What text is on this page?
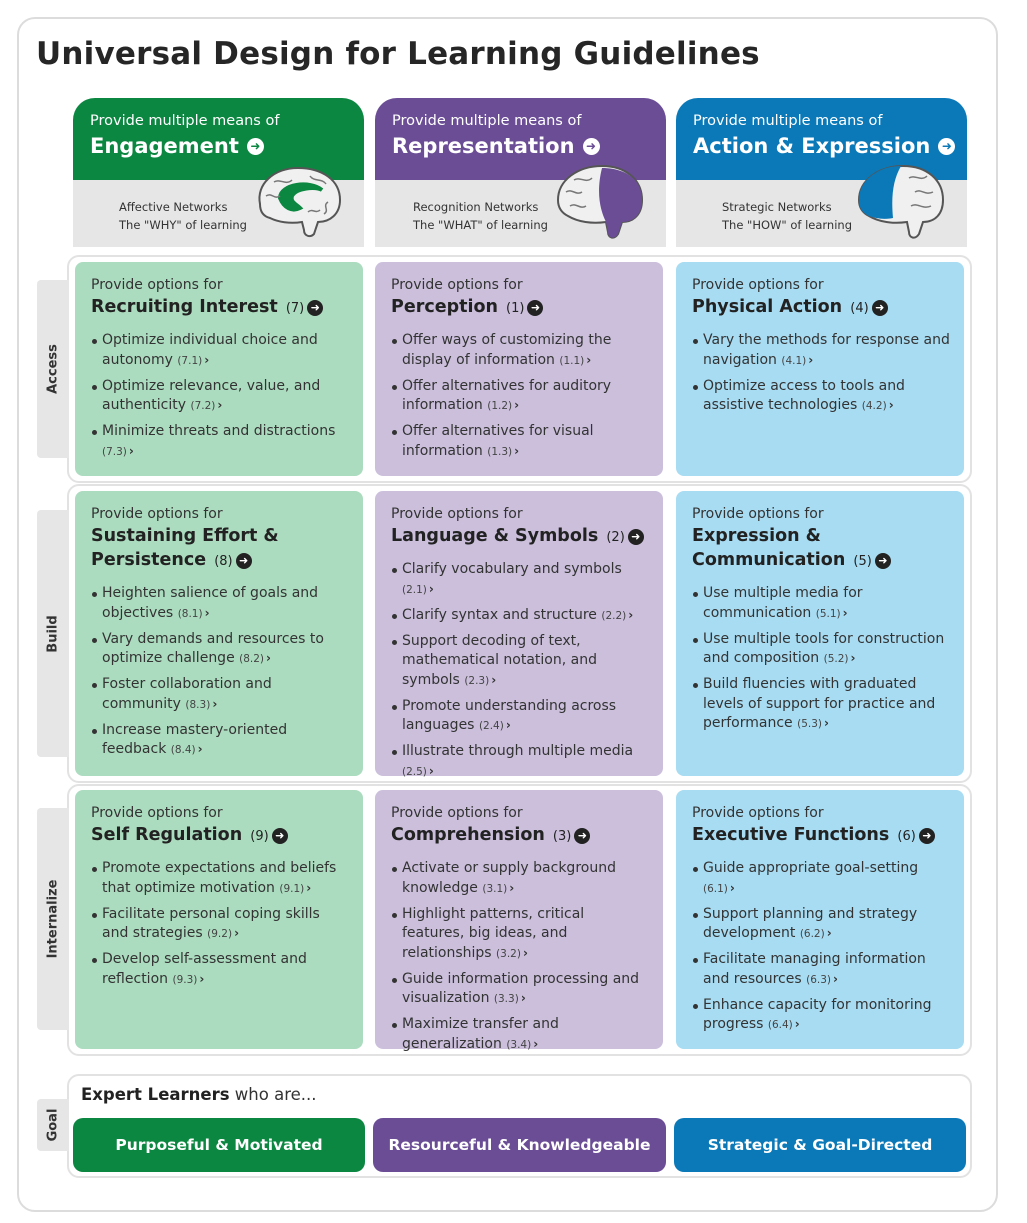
Universal Design for Learning Guidelines
Provide multiple means of
Engagement ➜
Affective Networks
The "WHY" of learning
Provide multiple means of
Representation ➜
Recognition Networks
The "WHAT" of learning
Provide multiple means of
Action & Expression ➜
Strategic Networks
The "HOW" of learning
Access
Build
Internalize
Provide options for
Recruiting Interest (7) ➜
Optimize individual choice and autonomy (7.1) ›
Optimize relevance, value, and authenticity (7.2) ›
Minimize threats and distractions (7.3) ›
Provide options for
Perception (1) ➜
Offer ways of customizing the display of information (1.1) ›
Offer alternatives for auditory information (1.2) ›
Offer alternatives for visual information (1.3) ›
Provide options for
Physical Action (4) ➜
Vary the methods for response and navigation (4.1) ›
Optimize access to tools and assistive technologies (4.2) ›
Provide options for
Sustaining Effort & Persistence (8) ➜
Heighten salience of goals and objectives (8.1) ›
Vary demands and resources to optimize challenge (8.2) ›
Foster collaboration and community (8.3) ›
Increase mastery-oriented feedback (8.4) ›
Provide options for
Language & Symbols (2) ➜
Clarify vocabulary and symbols (2.1) ›
Clarify syntax and structure (2.2) ›
Support decoding of text, mathematical notation, and symbols (2.3) ›
Promote understanding across languages (2.4) ›
Illustrate through multiple media (2.5) ›
Provide options for
Expression & Communication (5) ➜
Use multiple media for communication (5.1) ›
Use multiple tools for construction and composition (5.2) ›
Build fluencies with graduated levels of support for practice and performance (5.3) ›
Provide options for
Self Regulation (9) ➜
Promote expectations and beliefs that optimize motivation (9.1) ›
Facilitate personal coping skills and strategies (9.2) ›
Develop self-assessment and reflection (9.3) ›
Provide options for
Comprehension (3) ➜
Activate or supply background knowledge (3.1) ›
Highlight patterns, critical features, big ideas, and relationships (3.2) ›
Guide information processing and visualization (3.3) ›
Maximize transfer and generalization (3.4) ›
Provide options for
Executive Functions (6) ➜
Guide appropriate goal-setting (6.1) ›
Support planning and strategy development (6.2) ›
Facilitate managing information and resources (6.3) ›
Enhance capacity for monitoring progress (6.4) ›
Goal
Expert Learners who are...
Purposeful & Motivated	Resourceful & Knowledgeable	Strategic & Goal-Directed
